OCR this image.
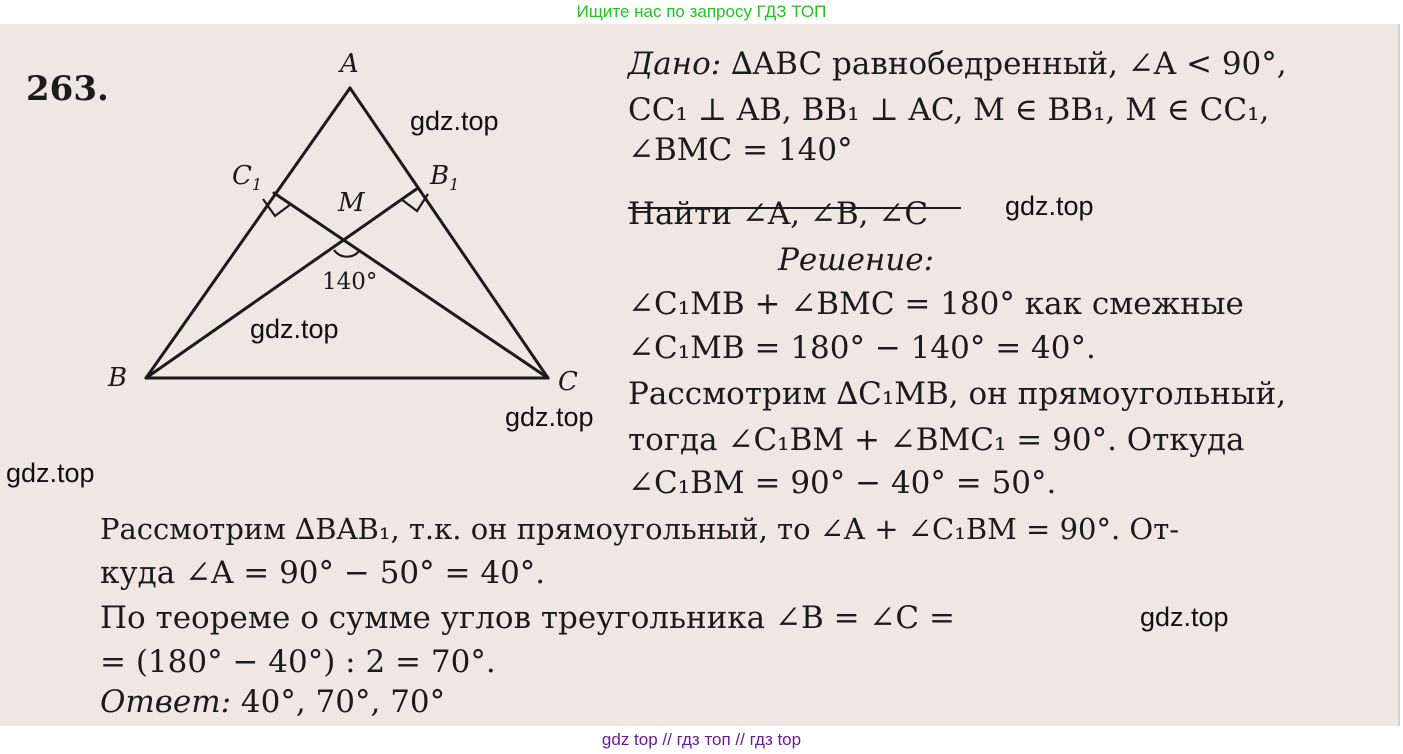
Ищите нас по запросу ГДЗ ТОП
263.
A
B	C
$C_1$	$B_1$
M
140°
Дано: ∆ABC равнобедренный, ∠A < 90°,
CC₁ ⊥ AB, BB₁ ⊥ AC, M ∈ BB₁, M ∈ CC₁,
∠BMC = 140°
Найти ∠A, ∠B, ∠C
Решение:
∠C₁MB + ∠BMC = 180° как смежные
∠C₁MB = 180° − 140° = 40°.
Рассмотрим ∆C₁MB, он прямоугольный,
тогда ∠C₁BM + ∠BMC₁ = 90°. Откуда
∠C₁BM = 90° − 40° = 50°.
Рассмотрим ∆BAB₁, т.к. он прямоугольный, то ∠A + ∠C₁BM = 90°. От-
куда ∠A = 90° − 50° = 40°.
По теореме о сумме углов треугольника ∠B = ∠C =
= (180° − 40°) : 2 = 70°.
Ответ: 40°, 70°, 70°
gdz.top
gdz.top
gdz.top
gdz.top
gdz.top
gdz.top
gdz top // гдз топ // гдз top
